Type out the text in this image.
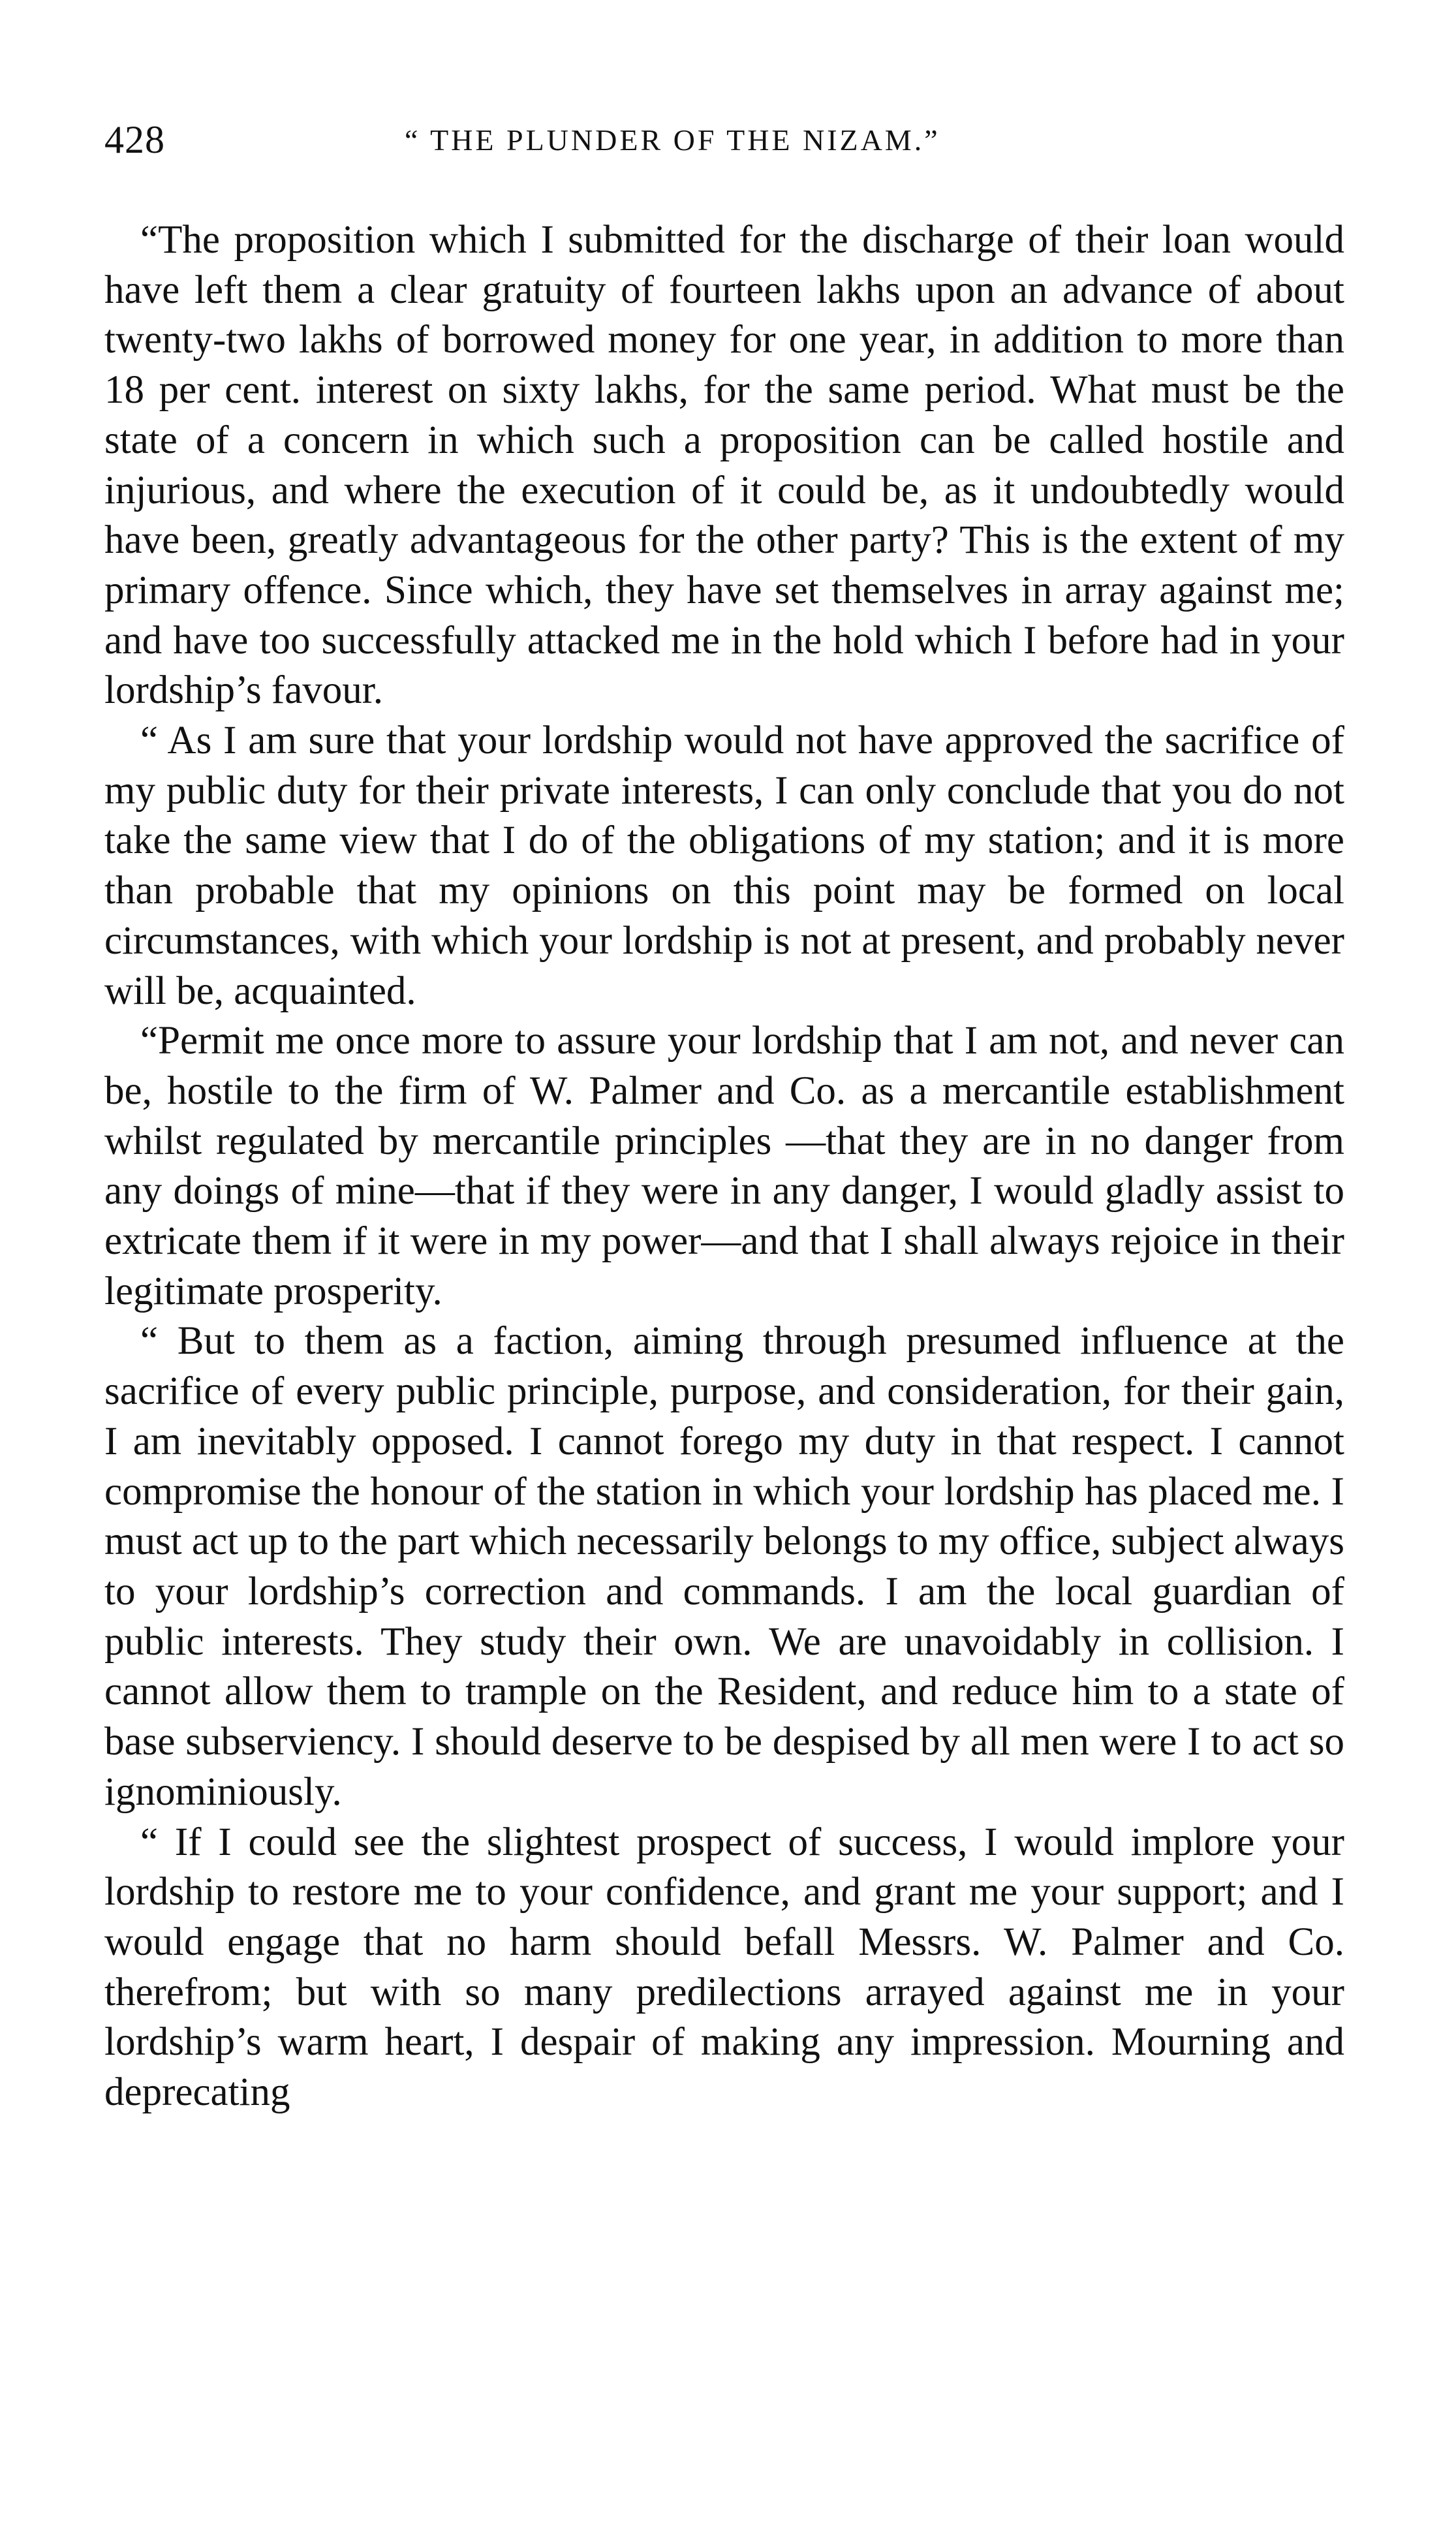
428	“ THE PLUNDER OF THE NIZAM.”

“The proposition which I submitted for the discharge of their loan would have left them a clear gratuity of fourteen lakhs upon an advance of about twenty-two lakhs of borrowed money for one year, in addition to more than 18 per cent. interest on sixty lakhs, for the same period. What must be the state of a concern in which such a proposition can be called hostile and injurious, and where the execution of it could be, as it undoubtedly would have been, greatly advantageous for the other party? This is the extent of my primary offence. Since which, they have set themselves in array against me; and have too successfully attacked me in the hold which I before had in your lordship’s favour.

“ As I am sure that your lordship would not have approved the sacrifice of my public duty for their private interests, I can only conclude that you do not take the same view that I do of the obligations of my station; and it is more than probable that my opinions on this point may be formed on local circumstances, with which your lordship is not at present, and probably never will be, acquainted.

“Permit me once more to assure your lordship that I am not, and never can be, hostile to the firm of W. Palmer and Co. as a mercantile establishment whilst regulated by mercantile principles —that they are in no danger from any doings of mine—that if they were in any danger, I would gladly assist to extricate them if it were in my power—and that I shall always rejoice in their legitimate prosperity.

“ But to them as a faction, aiming through presumed influence at the sacrifice of every public principle, purpose, and consideration, for their gain, I am inevitably opposed. I cannot forego my duty in that respect. I cannot compromise the honour of the station in which your lordship has placed me. I must act up to the part which necessarily belongs to my office, subject always to your lordship’s correction and commands. I am the local guardian of public interests. They study their own. We are unavoidably in collision. I cannot allow them to trample on the Resident, and reduce him to a state of base subserviency. I should deserve to be despised by all men were I to act so ignominiously.

“ If I could see the slightest prospect of success, I would implore your lordship to restore me to your confidence, and grant me your support; and I would engage that no harm should befall Messrs. W. Palmer and Co. therefrom; but with so many predilections arrayed against me in your lordship’s warm heart, I despair of making any impression. Mourning and deprecating
